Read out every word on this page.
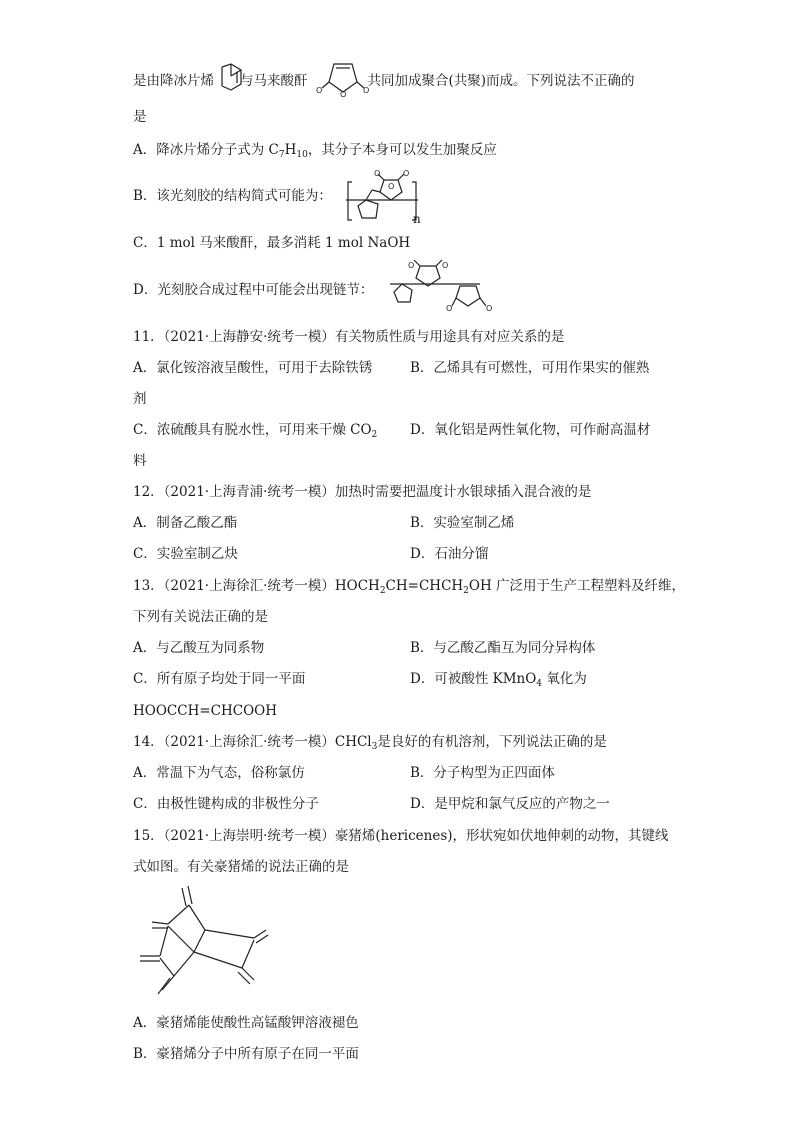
是由降冰片烯 与马来酸酐	共同加成聚合(共聚)而成。下列说法不正确的
O O O
是
A．降冰片烯分子式为 $C_7H_{10}$，其分子本身可以发生加聚反应
B．该光刻胶的结构简式可能为：
O	O
O
n
C．1 mol 马来酸酐，最多消耗 1 mol NaOH
D．光刻胶合成过程中可能会出现链节：
O	O
O	O
11．（2021·上海静安·统考一模）有关物质性质与用途具有对应关系的是
A．氯化铵溶液呈酸性，可用于去除铁锈	B．乙烯具有可燃性，可用作果实的催熟
剂
C．浓硫酸具有脱水性，可用来干燥 $CO_2$ D．氧化铝是两性氧化物，可作耐高温材
料
12．（2021·上海青浦·统考一模）加热时需要把温度计水银球插入混合液的是
A．制备乙酸乙酯	B．实验室制乙烯
C．实验室制乙炔	D．石油分馏
13．（2021·上海徐汇·统考一模）$HOCH_2CH=CHCH_2OH$ 广泛用于生产工程塑料及纤维，
下列有关说法正确的是
A．与乙酸互为同系物	B．与乙酸乙酯互为同分异构体
C．所有原子均处于同一平面	D．可被酸性 KMnO$_4$ 氧化为
HOOCCH=CHCOOH
14．（2021·上海徐汇·统考一模）CHCl$_3$是良好的有机溶剂，下列说法正确的是
A．常温下为气态，俗称氯仿	B．分子构型为正四面体
C．由极性键构成的非极性分子	D．是甲烷和氯气反应的产物之一
15．（2021·上海崇明·统考一模）豪猪烯(hericenes)，形状宛如伏地伸刺的动物，其键线
式如图。有关豪猪烯的说法正确的是
A．豪猪烯能使酸性高锰酸钾溶液褪色
B．豪猪烯分子中所有原子在同一平面
